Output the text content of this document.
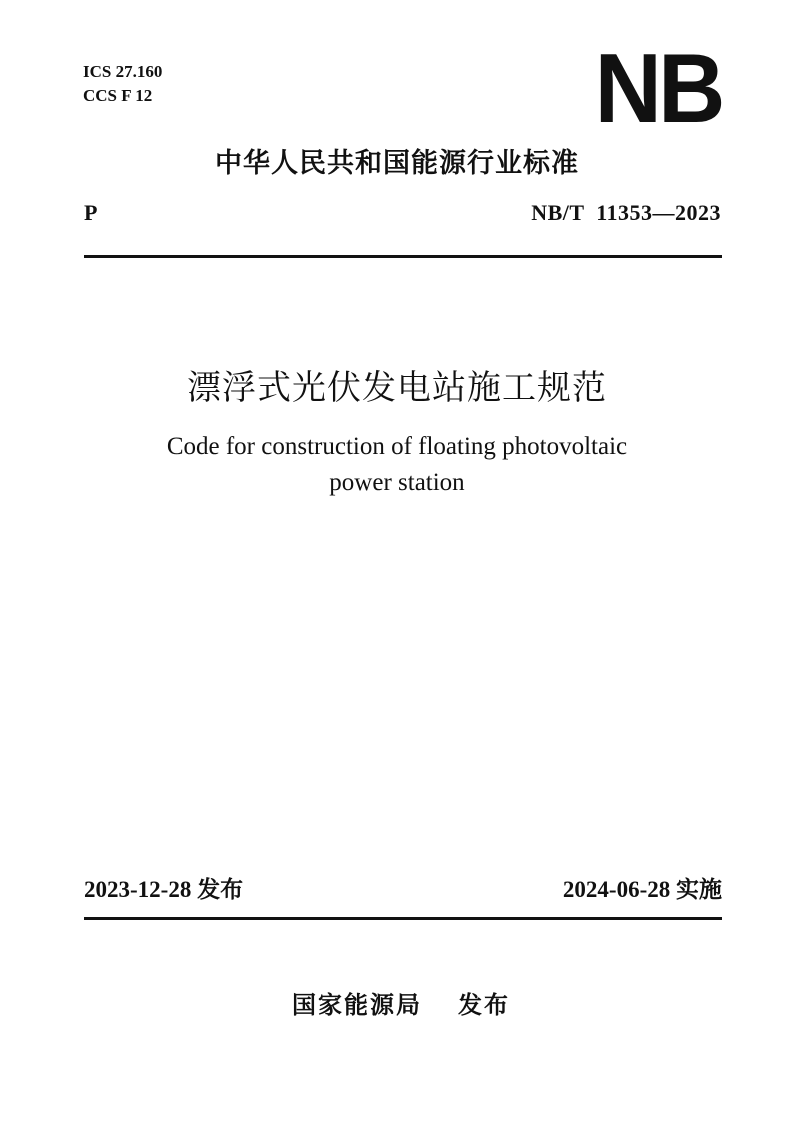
ICS 27.160
CCS F 12	NB
中华人民共和国能源行业标准
P	NB/T  11353—2023
漂浮式光伏发电站施工规范
Code for construction of floating photovoltaic
power station
2023-12-28 发布	2024-06-28 实施
国家能源局 发布
